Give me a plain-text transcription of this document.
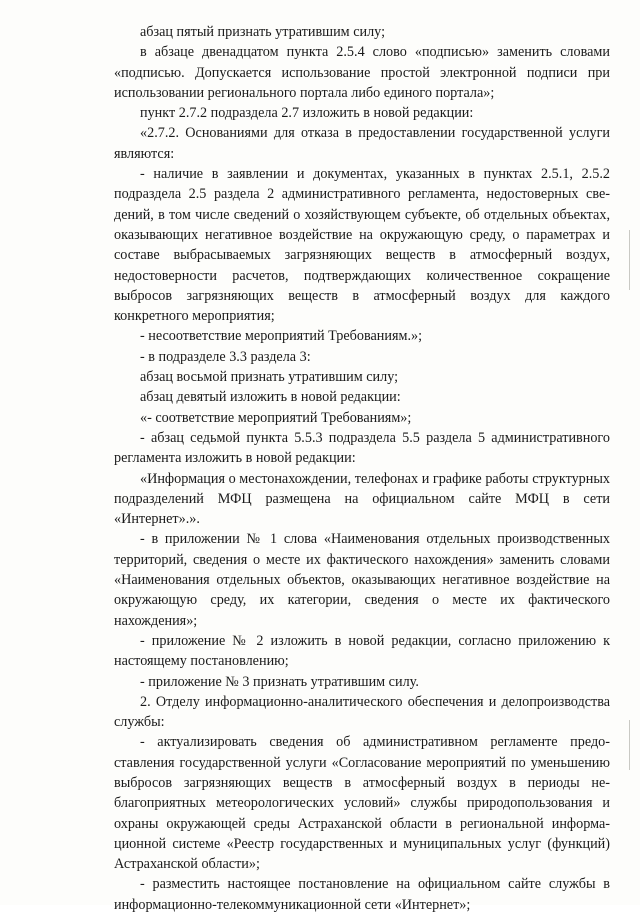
абзац пятый признать утратившим силу;

в абзаце двенадцатом пункта 2.5.4 слово «подписью» заменить словами «подписью. Допускается использование простой электронной подписи при использовании регионального портала либо единого портала»;

пункт 2.7.2 подраздела 2.7 изложить в новой редакции:

«2.7.2. Основаниями для отказа в предоставлении государственной услуги являются:

- наличие в заявлении и документах, указанных в пунктах 2.5.1, 2.5.2 подраздела 2.5 раздела 2 административного регламента, недостоверных сведений, в том числе сведений о хозяйствующем субъекте, об отдельных объектах, оказывающих негативное воздействие на окружающую среду, о параметрах и составе выбрасываемых загрязняющих веществ в атмосферный воздух, недостоверности расчетов, подтверждающих количественное сокращение выбросов загрязняющих веществ в атмосферный воздух для каждого конкретного мероприятия;

- несоответствие мероприятий Требованиям.»;

- в подразделе 3.3 раздела 3:

абзац восьмой признать утратившим силу;

абзац девятый изложить в новой редакции:

«- соответствие мероприятий Требованиям»;

- абзац седьмой пункта 5.5.3 подраздела 5.5 раздела 5 административного регламента изложить в новой редакции:

«Информация о местонахождении, телефонах и графике работы структурных подразделений МФЦ размещена на официальном сайте МФЦ в сети «Интернет».».

- в приложении № 1 слова «Наименования отдельных производственных территорий, сведения о месте их фактического нахождения» заменить словами «Наименования отдельных объектов, оказывающих негативное воздействие на окружающую среду, их категории, сведения о месте их фактического нахождения»;

- приложение № 2 изложить в новой редакции, согласно приложению к настоящему постановлению;

- приложение № 3 признать утратившим силу.

2. Отделу информационно-аналитического обеспечения и делопроизводства службы:

- актуализировать сведения об административном регламенте предоставления государственной услуги «Согласование мероприятий по уменьшению выбросов загрязняющих веществ в атмосферный воздух в периоды неблагоприятных метеорологических условий» службы природопользования и охраны окружающей среды Астраханской области в региональной информационной системе «Реестр государственных и муниципальных услуг (функций) Астраханской области»;

- разместить настоящее постановление на официальном сайте службы в информационно-телекоммуникационной сети «Интернет»;
